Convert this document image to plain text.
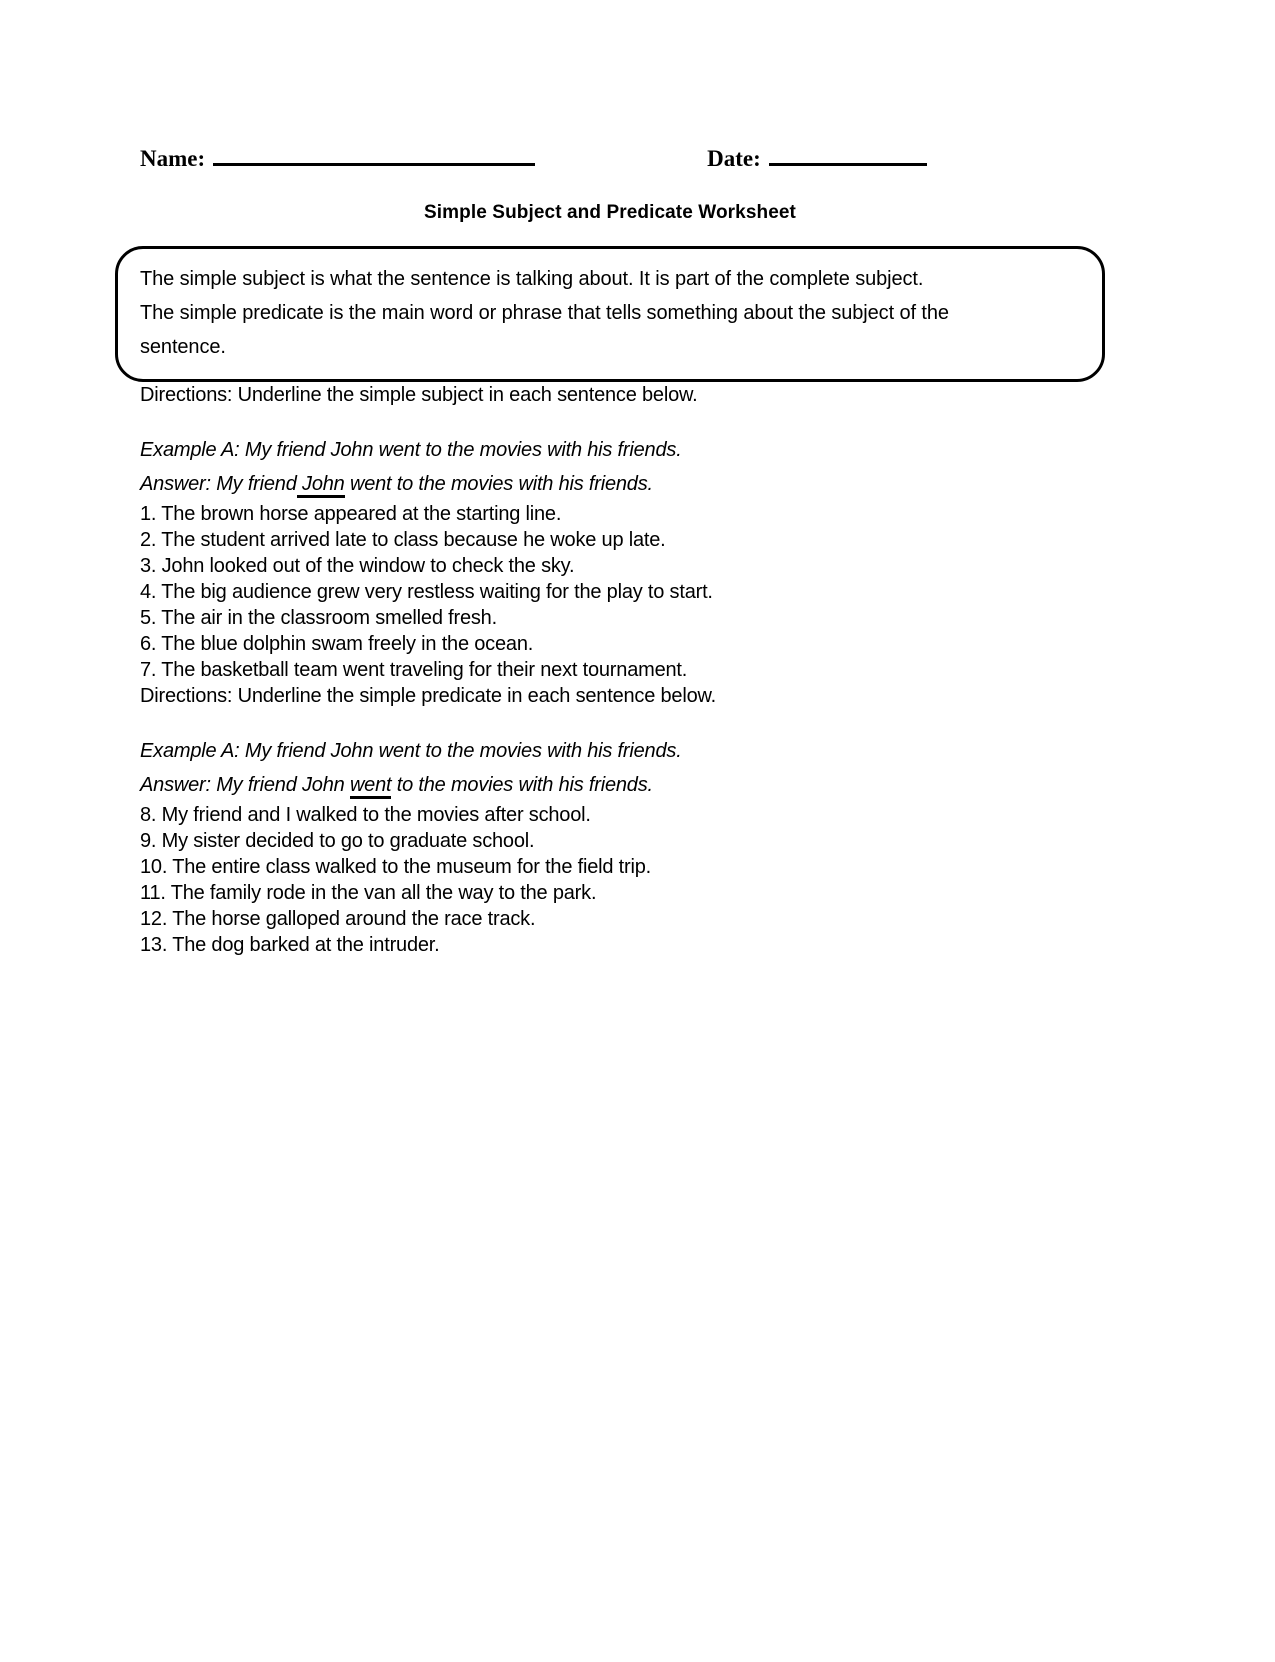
Name:	Date:
Simple Subject and Predicate Worksheet
The simple subject is what the sentence is talking about. It is part of the complete subject.
The simple predicate is the main word or phrase that tells something about the subject of the sentence.

Directions: Underline the simple subject in each sentence below.

Example A: My friend John went to the movies with his friends.

Answer: My friend John went to the movies with his friends.

1. The brown horse appeared at the starting line.

2. The student arrived late to class because he woke up late.

3. John looked out of the window to check the sky.

4. The big audience grew very restless waiting for the play to start.

5. The air in the classroom smelled fresh.

6. The blue dolphin swam freely in the ocean.

7. The basketball team went traveling for their next tournament.

Directions: Underline the simple predicate in each sentence below.

Example A: My friend John went to the movies with his friends.

Answer: My friend John went to the movies with his friends.

8. My friend and I walked to the movies after school.

9. My sister decided to go to graduate school.

10. The entire class walked to the museum for the field trip.

11. The family rode in the van all the way to the park.

12. The horse galloped around the race track.

13. The dog barked at the intruder.
